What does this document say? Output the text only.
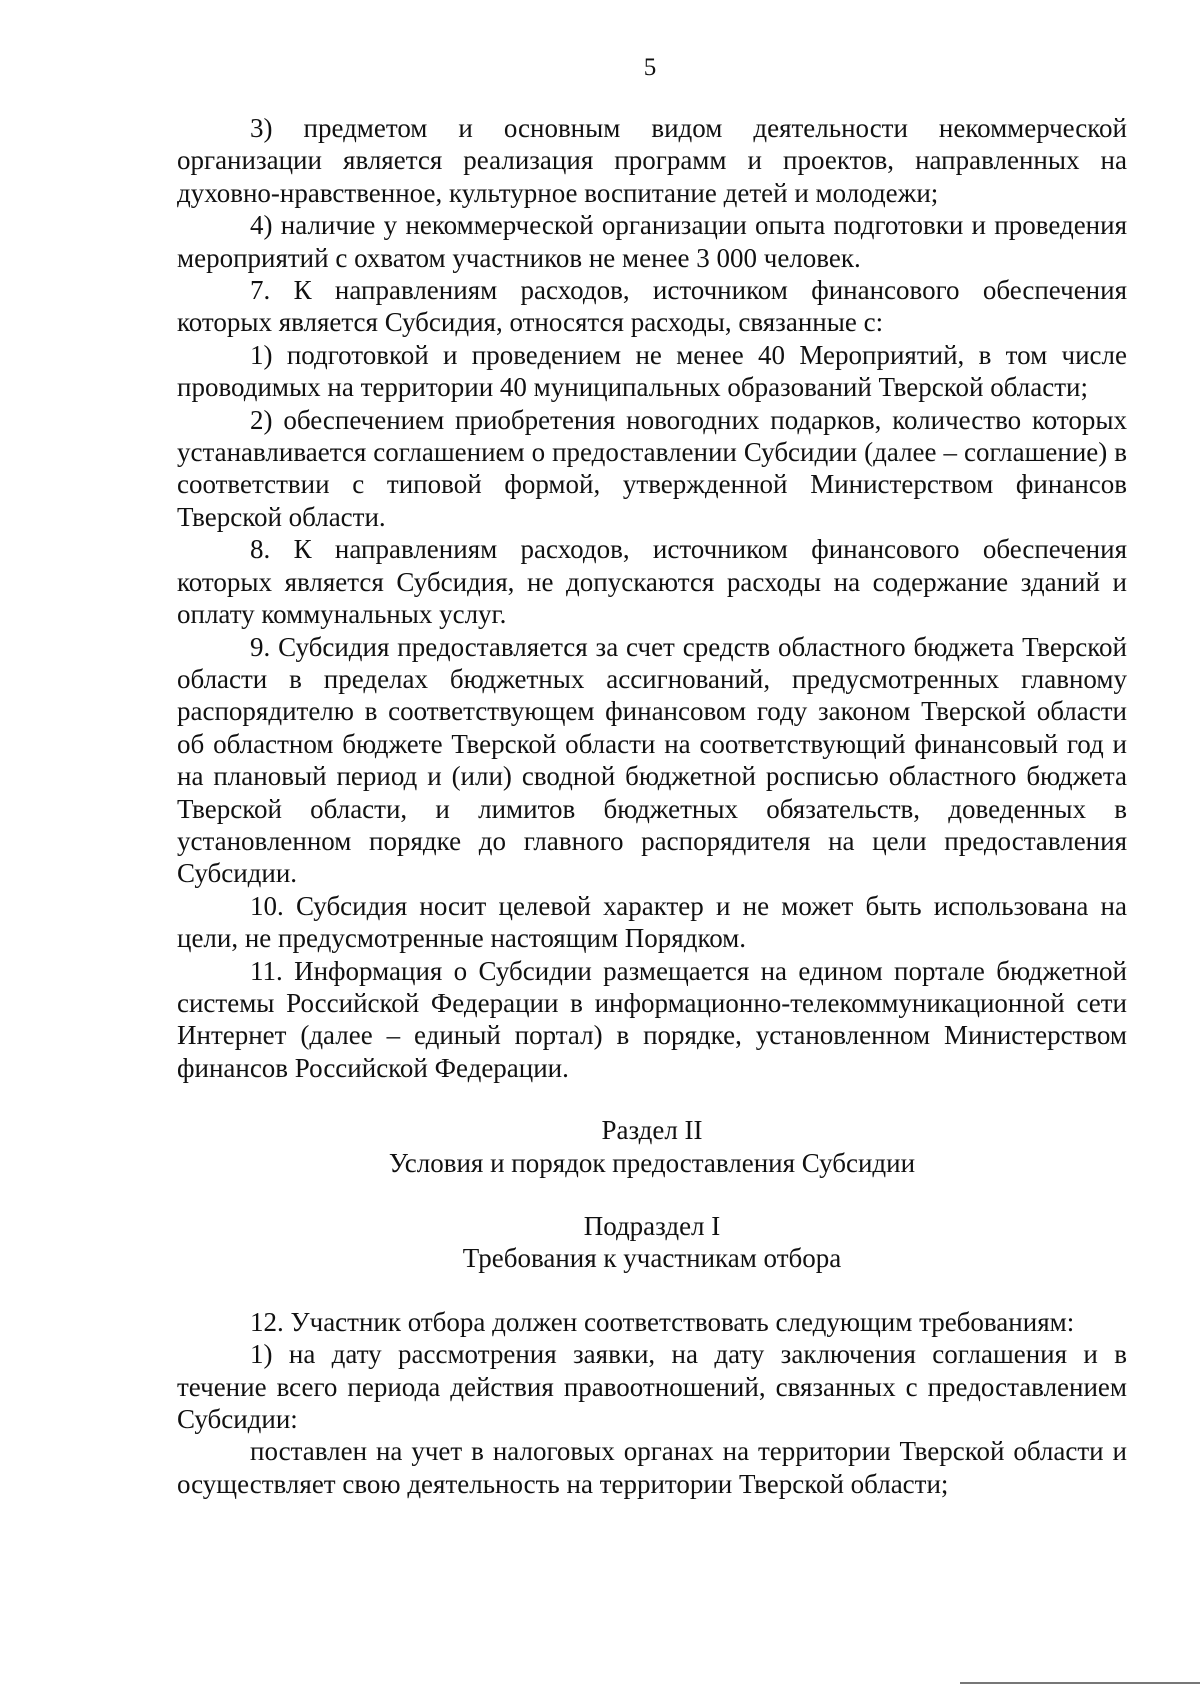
5

3) предметом и основным видом деятельности некоммерческой организации является реализация программ и проектов, направленных на духовно-нравственное, культурное воспитание детей и молодежи;

4) наличие у некоммерческой организации опыта подготовки и проведения мероприятий с охватом участников не менее 3 000 человек.

7. К направлениям расходов, источником финансового обеспечения которых является Субсидия, относятся расходы, связанные с:

1) подготовкой и проведением не менее 40 Мероприятий, в том числе проводимых на территории 40 муниципальных образований Тверской области;

2) обеспечением приобретения новогодних подарков, количество которых устанавливается соглашением о предоставлении Субсидии (далее – соглашение) в соответствии с типовой формой, утвержденной Министерством финансов Тверской области.

8. К направлениям расходов, источником финансового обеспечения которых является Субсидия, не допускаются расходы на содержание зданий и оплату коммунальных услуг.

9. Субсидия предоставляется за счет средств областного бюджета Тверской области в пределах бюджетных ассигнований, предусмотренных главному распорядителю в соответствующем финансовом году законом Тверской области об областном бюджете Тверской области на соответствующий финансовый год и на плановый период и (или) сводной бюджетной росписью областного бюджета Тверской области, и лимитов бюджетных обязательств, доведенных в установленном порядке до главного распорядителя на цели предоставления Субсидии.

10. Субсидия носит целевой характер и не может быть использована на цели, не предусмотренные настоящим Порядком.

11. Информация о Субсидии размещается на едином портале бюджетной системы Российской Федерации в информационно-телекоммуникационной сети Интернет (далее – единый портал) в порядке, установленном Министерством финансов Российской Федерации.

Раздел II

Условия и порядок предоставления Субсидии

Подраздел I

Требования к участникам отбора

12. Участник отбора должен соответствовать следующим требованиям:

1) на дату рассмотрения заявки, на дату заключения соглашения и в течение всего периода действия правоотношений, связанных с предоставлением Субсидии:

поставлен на учет в налоговых органах на территории Тверской области и осуществляет свою деятельность на территории Тверской области;
